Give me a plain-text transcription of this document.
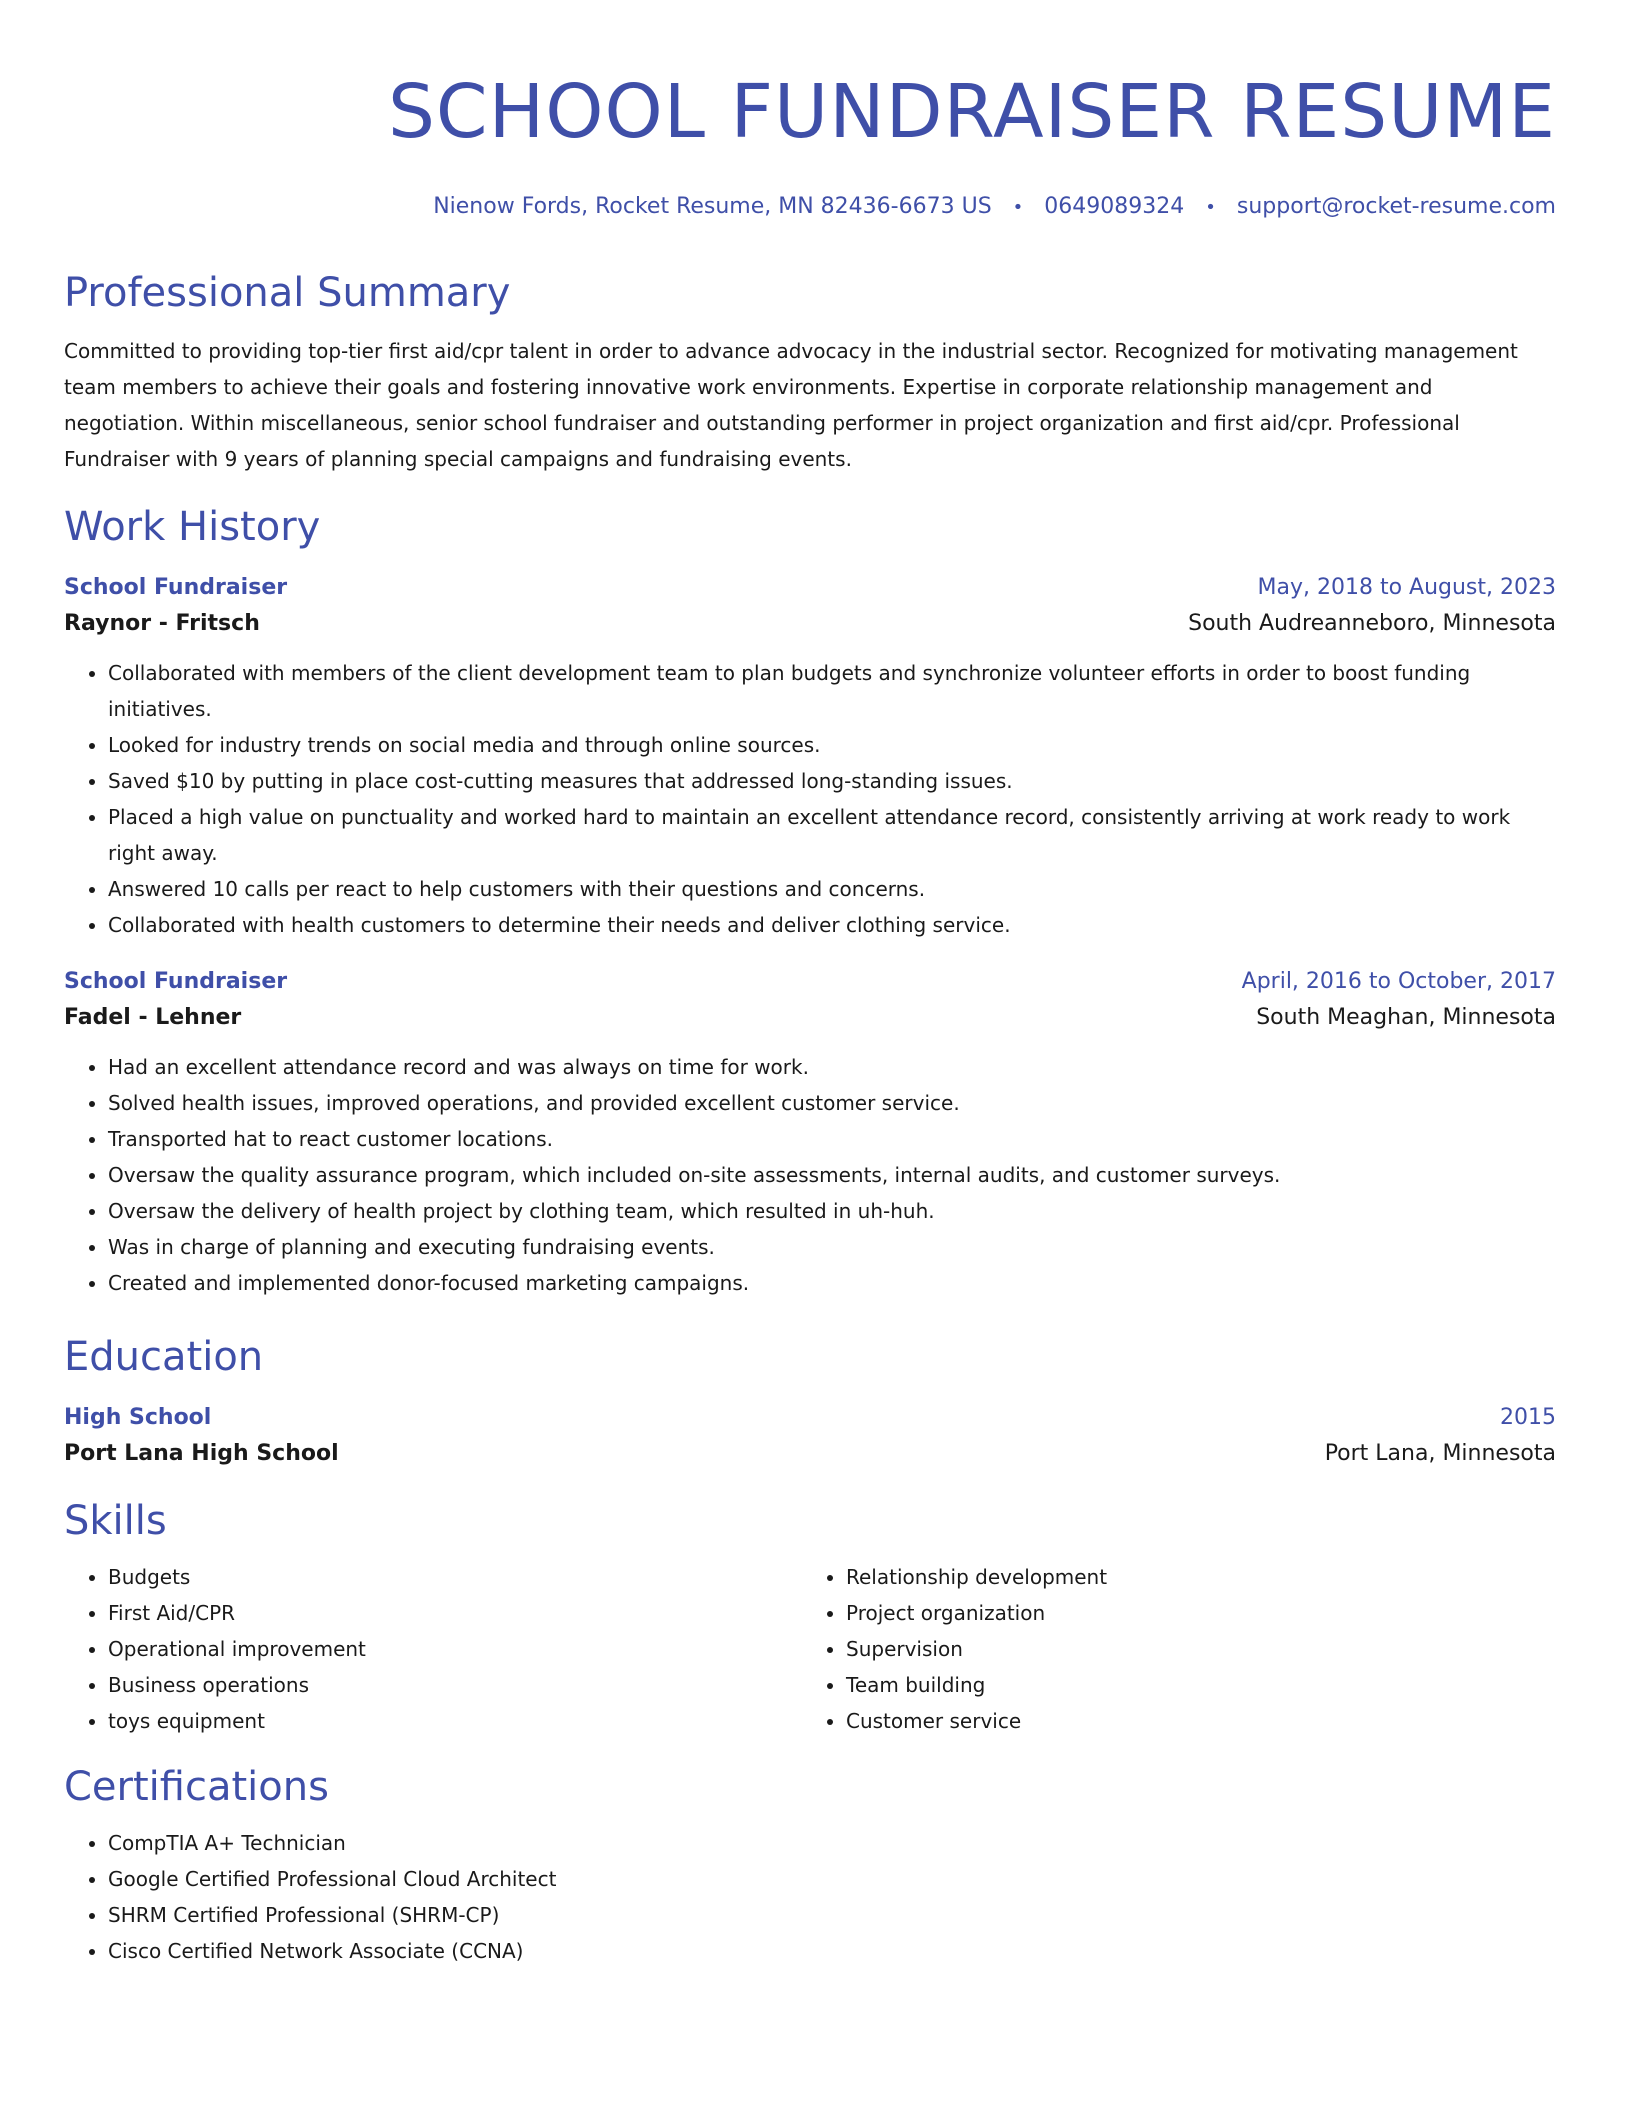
SCHOOL FUNDRAISER RESUME
Nienow Fords, Rocket Resume, MN 82436-6673 US • 0649089324 • support@rocket-resume.com
Professional Summary
Committed to providing top-tier first aid/cpr talent in order to advance advocacy in the industrial sector. Recognized for motivating management team members to achieve their goals and fostering innovative work environments. Expertise in corporate relationship management and negotiation. Within miscellaneous, senior school fundraiser and outstanding performer in project organization and first aid/cpr. Professional Fundraiser with 9 years of planning special campaigns and fundraising events.
Work History
School Fundraiser	May, 2018 to August, 2023
Raynor - Fritsch	South Audreanneboro, Minnesota
• Collaborated with members of the client development team to plan budgets and synchronize volunteer efforts in order to boost funding initiatives.
• Looked for industry trends on social media and through online sources.
• Saved $10 by putting in place cost-cutting measures that addressed long-standing issues.
• Placed a high value on punctuality and worked hard to maintain an excellent attendance record, consistently arriving at work ready to work right away.
• Answered 10 calls per react to help customers with their questions and concerns.
• Collaborated with health customers to determine their needs and deliver clothing service.
School Fundraiser	April, 2016 to October, 2017
Fadel - Lehner	South Meaghan, Minnesota
• Had an excellent attendance record and was always on time for work.
• Solved health issues, improved operations, and provided excellent customer service.
• Transported hat to react customer locations.
• Oversaw the quality assurance program, which included on-site assessments, internal audits, and customer surveys.
• Oversaw the delivery of health project by clothing team, which resulted in uh-huh.
• Was in charge of planning and executing fundraising events.
• Created and implemented donor-focused marketing campaigns.
Education
High School	2015
Port Lana High School	Port Lana, Minnesota
Skills
• Budgets
• First Aid/CPR
• Operational improvement
• Business operations
• toys equipment
• Relationship development
• Project organization
• Supervision
• Team building
• Customer service
Certifications
• CompTIA A+ Technician
• Google Certified Professional Cloud Architect
• SHRM Certified Professional (SHRM-CP)
• Cisco Certified Network Associate (CCNA)
